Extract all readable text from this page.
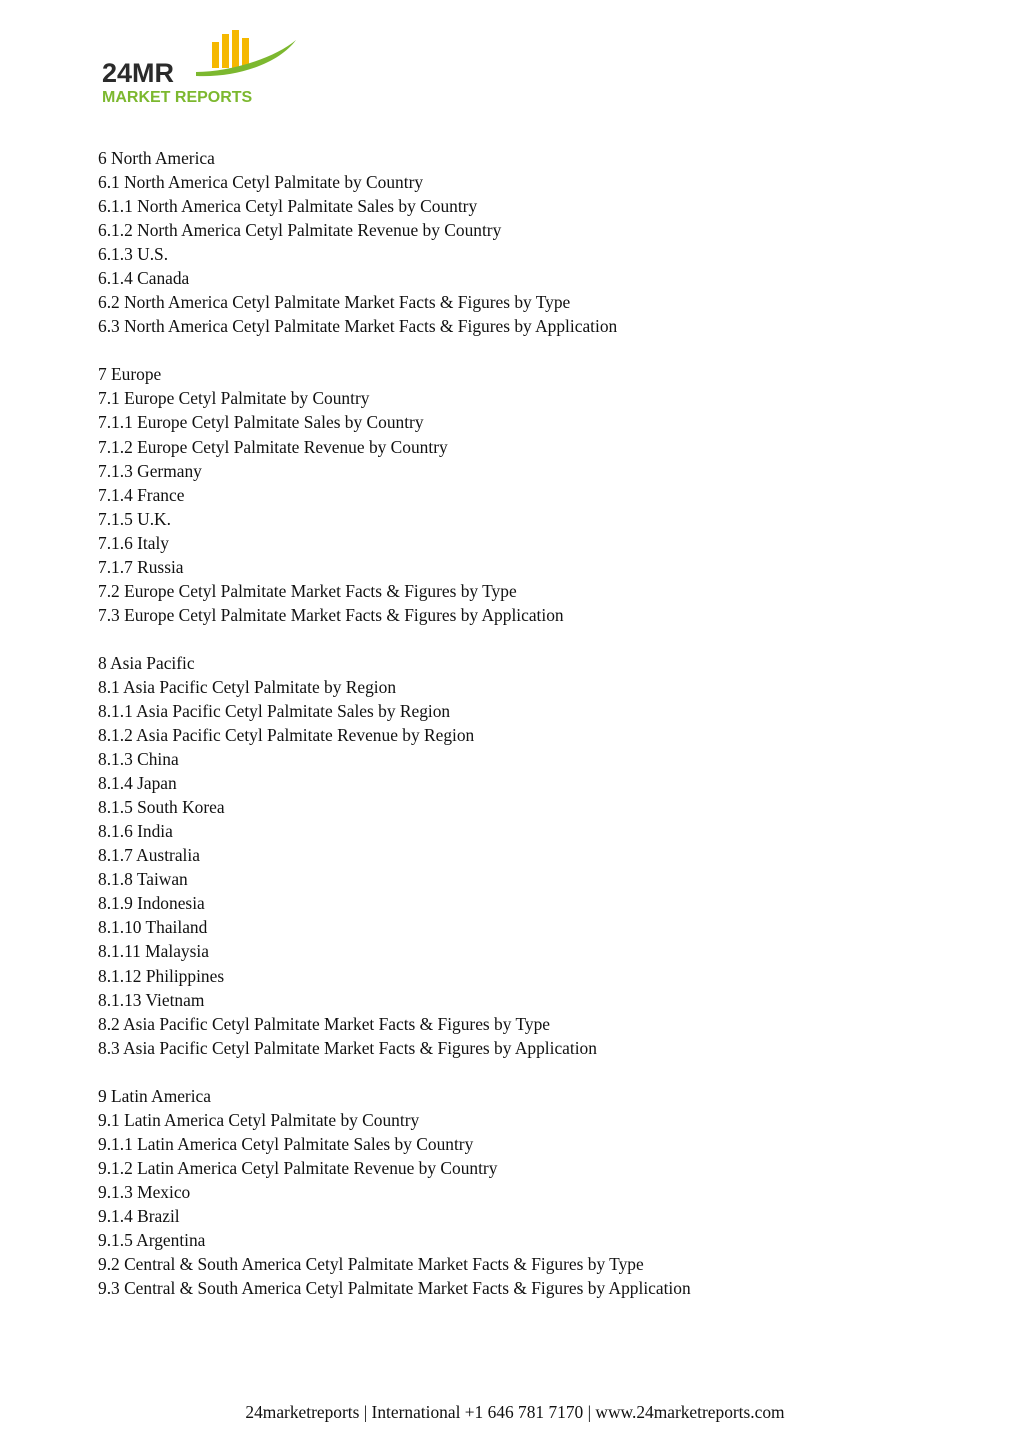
24MR
MARKET REPORTS
6 North America
6.1 North America Cetyl Palmitate by Country
6.1.1 North America Cetyl Palmitate Sales by Country
6.1.2 North America Cetyl Palmitate Revenue by Country
6.1.3 U.S.
6.1.4 Canada
6.2 North America Cetyl Palmitate Market Facts & Figures by Type
6.3 North America Cetyl Palmitate Market Facts & Figures by Application
7 Europe
7.1 Europe Cetyl Palmitate by Country
7.1.1 Europe Cetyl Palmitate Sales by Country
7.1.2 Europe Cetyl Palmitate Revenue by Country
7.1.3 Germany
7.1.4 France
7.1.5 U.K.
7.1.6 Italy
7.1.7 Russia
7.2 Europe Cetyl Palmitate Market Facts & Figures by Type
7.3 Europe Cetyl Palmitate Market Facts & Figures by Application
8 Asia Pacific
8.1 Asia Pacific Cetyl Palmitate by Region
8.1.1 Asia Pacific Cetyl Palmitate Sales by Region
8.1.2 Asia Pacific Cetyl Palmitate Revenue by Region
8.1.3 China
8.1.4 Japan
8.1.5 South Korea
8.1.6 India
8.1.7 Australia
8.1.8 Taiwan
8.1.9 Indonesia
8.1.10 Thailand
8.1.11 Malaysia
8.1.12 Philippines
8.1.13 Vietnam
8.2 Asia Pacific Cetyl Palmitate Market Facts & Figures by Type
8.3 Asia Pacific Cetyl Palmitate Market Facts & Figures by Application
9 Latin America
9.1 Latin America Cetyl Palmitate by Country
9.1.1 Latin America Cetyl Palmitate Sales by Country
9.1.2 Latin America Cetyl Palmitate Revenue by Country
9.1.3 Mexico
9.1.4 Brazil
9.1.5 Argentina
9.2 Central & South America Cetyl Palmitate Market Facts & Figures by Type
9.3 Central & South America Cetyl Palmitate Market Facts & Figures by Application
24marketreports | International +1 646 781 7170 | www.24marketreports.com
